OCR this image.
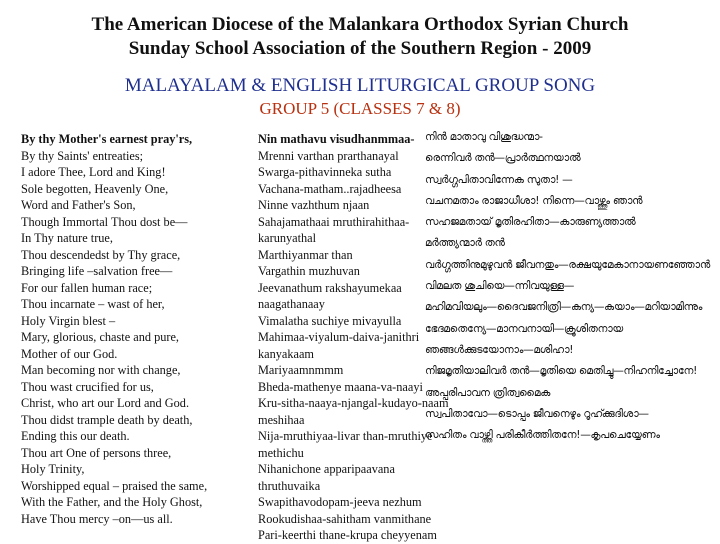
The American Diocese of the Malankara Orthodox Syrian Church
Sunday School Association of the Southern Region - 2009
MALAYALAM & ENGLISH LITURGICAL GROUP SONG
GROUP 5 (CLASSES 7 & 8)
By thy Mother's earnest pray'rs,
By thy Saints' entreaties;
I adore Thee, Lord and King!
Sole begotten, Heavenly One,
Word and Father's Son,
Though Immortal Thou dost be—
In Thy nature true,
Thou descendedst by Thy grace,
Bringing life –salvation free—
For our fallen human race;
Thou incarnate – wast of her,
Holy Virgin blest –
Mary, glorious, chaste and pure,
Mother of our God.
Man becoming nor with change,
Thou wast crucified for us,
Christ, who art our Lord and God.
Thou didst trample death by death,
Ending this our death.
Thou art One of persons three,
Holy Trinity,
Worshipped equal – praised the same,
With the Father, and the Holy Ghost,
Have Thou mercy –on—us all.
Nin mathavu visudhanmmaa-
Mrenni varthan prarthanayal
Swarga-pithavinneka sutha
Vachana-matham..rajadheesa
Ninne vazhthum njaan
Sahajamathaai mruthirahithaa-
karunyathal
Marthiyanmar than
Vargathin muzhuvan
Jeevanathum rakshayumekaa
naagathanaay
Vimalatha suchiye mivayulla
Mahimaa-viyalum-daiva-janithri
kanyakaam
Mariyaamnmmm
Bheda-mathenye maana-va-naayi
Kru-sitha-naaya-njangal-kudayo-naam
meshihaa
Nija-mruthiyaa-livar than-mruthiye
methichu
Nihanichone apparipaavana
thruthuvaika
Swapithavodopam-jeeva nezhum
Rookudishaa-sahitham vanmithane
Pari-keerthi thane-krupa cheyyenam
നിൻ മാതാവു വിശുദ്ധന്മാ-
രെന്നിവർ തൻ—പ്രാർത്ഥനയാൽ
സ്വർഗ്ഗപിതാവിന്നേക സുതാ! —
വചനമതാം രാജാധീശാ! നിന്നെ—വാഴ്ത്തും ഞാൻ
സഹജമതായ് മൃതിരഹിതാ—കാരുണ്യത്താൽ
മർത്ത്യന്മാർ തൻ
വർഗ്ഗത്തിനുമുഴുവൻ ജീവനതും—രക്ഷയുമേകാനായണഞ്ഞോൻ
വിമലത ശുചിയെ—ന്നിവയുള്ള—
മഹിമവിയലും—ദൈവജനിത്രി—കന്യ—കയാം—മറിയാമിന്നും
ഭേദമതെന്യേ—മാനവനായി—ക്രൂശിതനായ
ഞങ്ങൾക്കുടയോനാം—മശിഹാ!
നിജമൃതിയാലിവർ തൻ—മൃതിയെ മെതിച്ചു—നിഹനിച്ചോനേ!
അപ്പരിപാവന ത്രിത്വമൈക
സ്വപിതാവോ—ടൊപ്പം ജീവനെഴും റൂഹ്ക്കുദിശാ—
സഹിതം വാഴ്ത്തി പരികീർത്തിതനേ!—കൃപചെയ്യേണം
